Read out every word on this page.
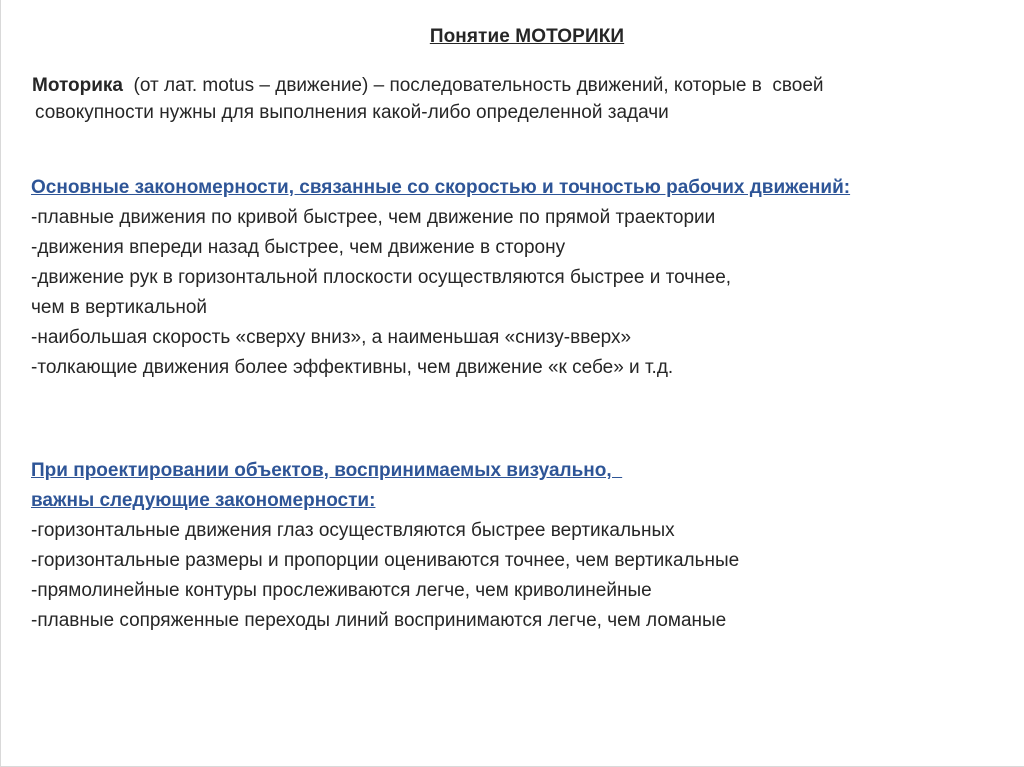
Понятие МОТОРИКИ
Моторика  (от лат. motus – движение) – последовательность движений, которые в  своей
совокупности нужны для выполнения какой-либо определенной задачи
Основные закономерности, связанные со скоростью и точностью рабочих движений:
-плавные движения по кривой быстрее, чем движение по прямой траектории
-движения впереди назад быстрее, чем движение в сторону
-движение рук в горизонтальной плоскости осуществляются быстрее и точнее,
чем в вертикальной
-наибольшая скорость «сверху вниз», а наименьшая «снизу-вверх»
-толкающие движения более эффективны, чем движение «к себе» и т.д.
При проектировании объектов, воспринимаемых визуально,
важны следующие закономерности:
-горизонтальные движения глаз осуществляются быстрее вертикальных
-горизонтальные размеры и пропорции оцениваются точнее, чем вертикальные
-прямолинейные контуры прослеживаются легче, чем криволинейные
-плавные сопряженные переходы линий воспринимаются легче, чем ломаные
